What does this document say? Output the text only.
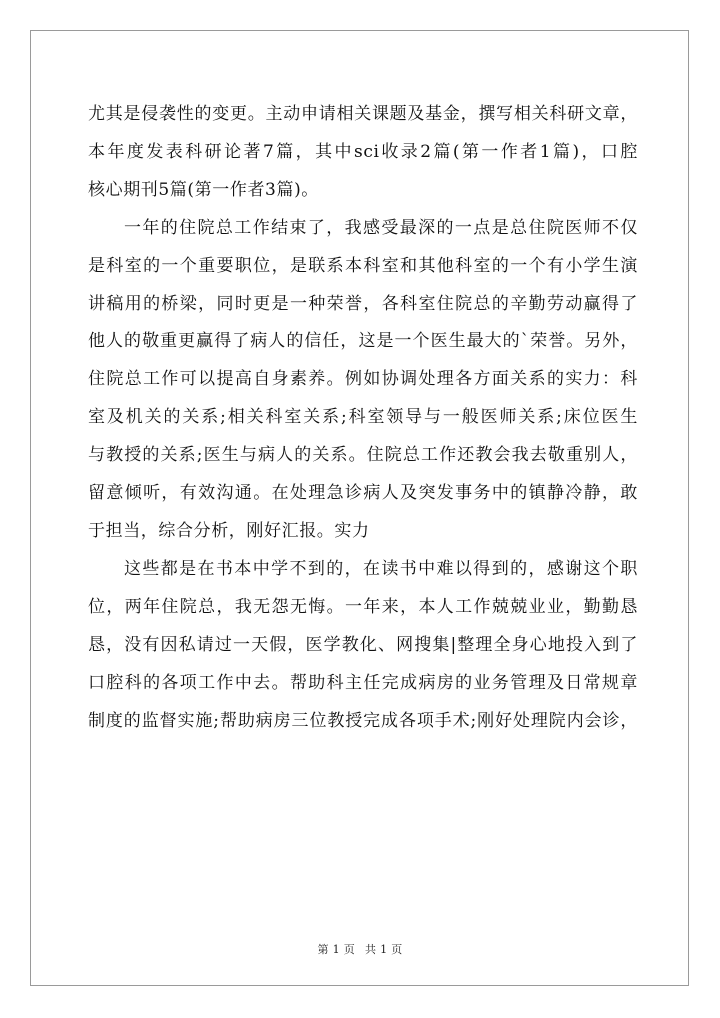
尤其是侵袭性的变更。主动申请相关课题及基金，撰写相关科研文章，

本年度发表科研论著7篇，其中sci收录2篇(第一作者1篇)，口腔

核心期刊5篇(第一作者3篇)。

一年的住院总工作结束了，我感受最深的一点是总住院医师不仅

是科室的一个重要职位，是联系本科室和其他科室的一个有小学生演

讲稿用的桥梁，同时更是一种荣誉，各科室住院总的辛勤劳动赢得了

他人的敬重更赢得了病人的信任，这是一个医生最大的`荣誉。另外，

住院总工作可以提高自身素养。例如协调处理各方面关系的实力：科

室及机关的关系;相关科室关系;科室领导与一般医师关系;床位医生

与教授的关系;医生与病人的关系。住院总工作还教会我去敬重别人，

留意倾听，有效沟通。在处理急诊病人及突发事务中的镇静冷静，敢

于担当，综合分析，刚好汇报。实力

这些都是在书本中学不到的，在读书中难以得到的，感谢这个职

位，两年住院总，我无怨无悔。一年来，本人工作兢兢业业，勤勤恳

恳，没有因私请过一天假，医学教化、网搜集|整理全身心地投入到了

口腔科的各项工作中去。帮助科主任完成病房的业务管理及日常规章

制度的监督实施;帮助病房三位教授完成各项手术;刚好处理院内会诊，

第 1 页 共 1 页
